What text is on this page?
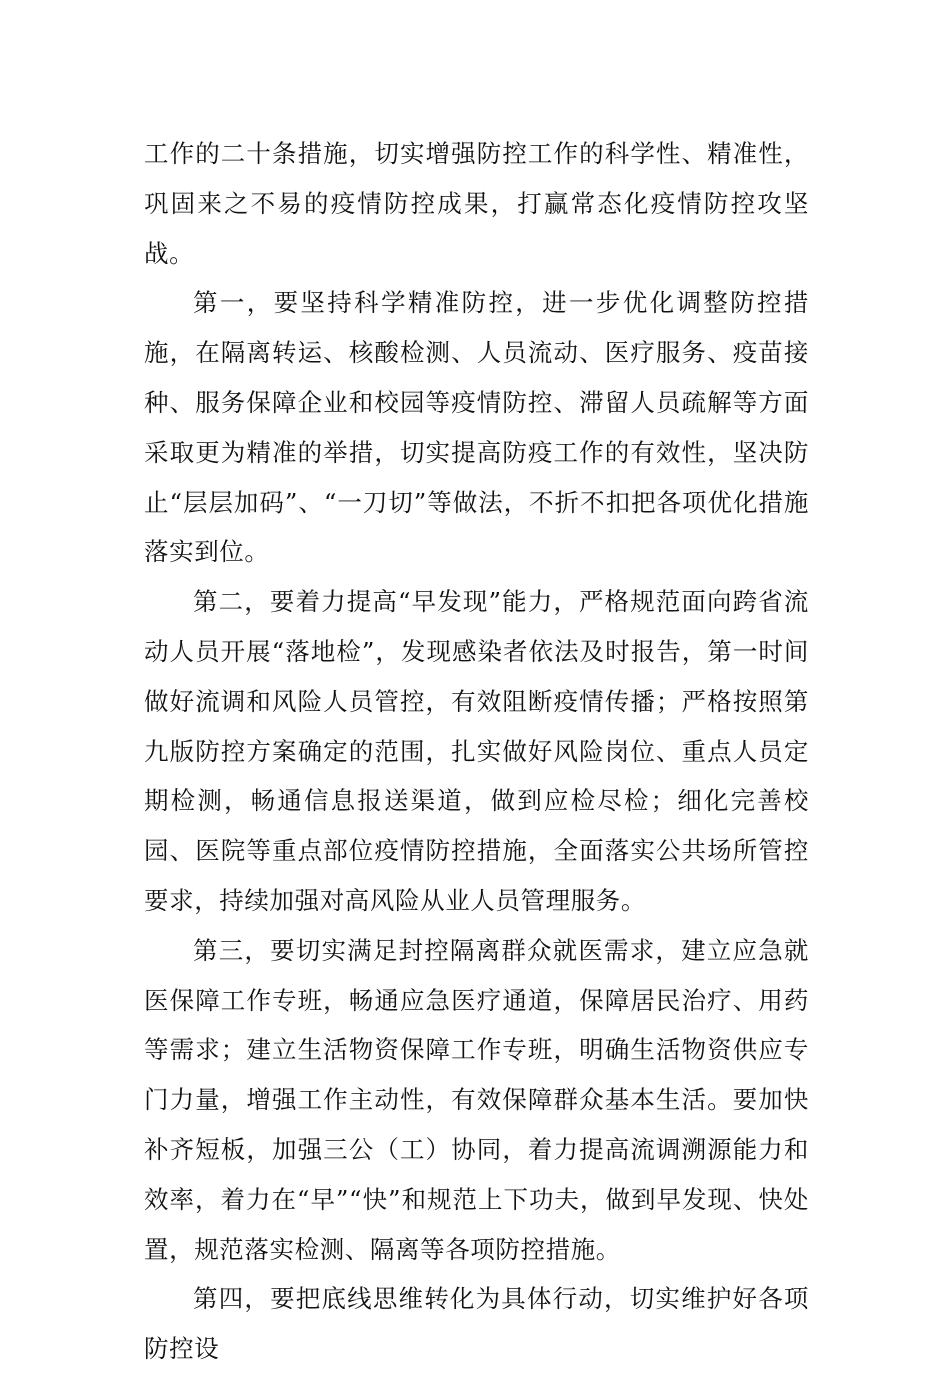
工作的二十条措施，切实增强防控工作的科学性、精准性，巩固来之不易的疫情防控成果，打赢常态化疫情防控攻坚战。

第一，要坚持科学精准防控，进一步优化调整防控措施，在隔离转运、核酸检测、人员流动、医疗服务、疫苗接种、服务保障企业和校园等疫情防控、滞留人员疏解等方面采取更为精准的举措，切实提高防疫工作的有效性，坚决防止“层层加码”、“一刀切”等做法，不折不扣把各项优化措施落实到位。

第二，要着力提高“早发现”能力，严格规范面向跨省流动人员开展“落地检”，发现感染者依法及时报告，第一时间做好流调和风险人员管控，有效阻断疫情传播；严格按照第九版防控方案确定的范围，扎实做好风险岗位、重点人员定期检测，畅通信息报送渠道，做到应检尽检；细化完善校园、医院等重点部位疫情防控措施，全面落实公共场所管控要求，持续加强对高风险从业人员管理服务。

第三，要切实满足封控隔离群众就医需求，建立应急就医保障工作专班，畅通应急医疗通道，保障居民治疗、用药等需求；建立生活物资保障工作专班，明确生活物资供应专门力量，增强工作主动性，有效保障群众基本生活。要加快补齐短板，加强三公（工）协同，着力提高流调溯源能力和效率，着力在“早”“快”和规范上下功夫，做到早发现、快处置，规范落实检测、隔离等各项防控措施。

第四，要把底线思维转化为具体行动，切实维护好各项防控设
